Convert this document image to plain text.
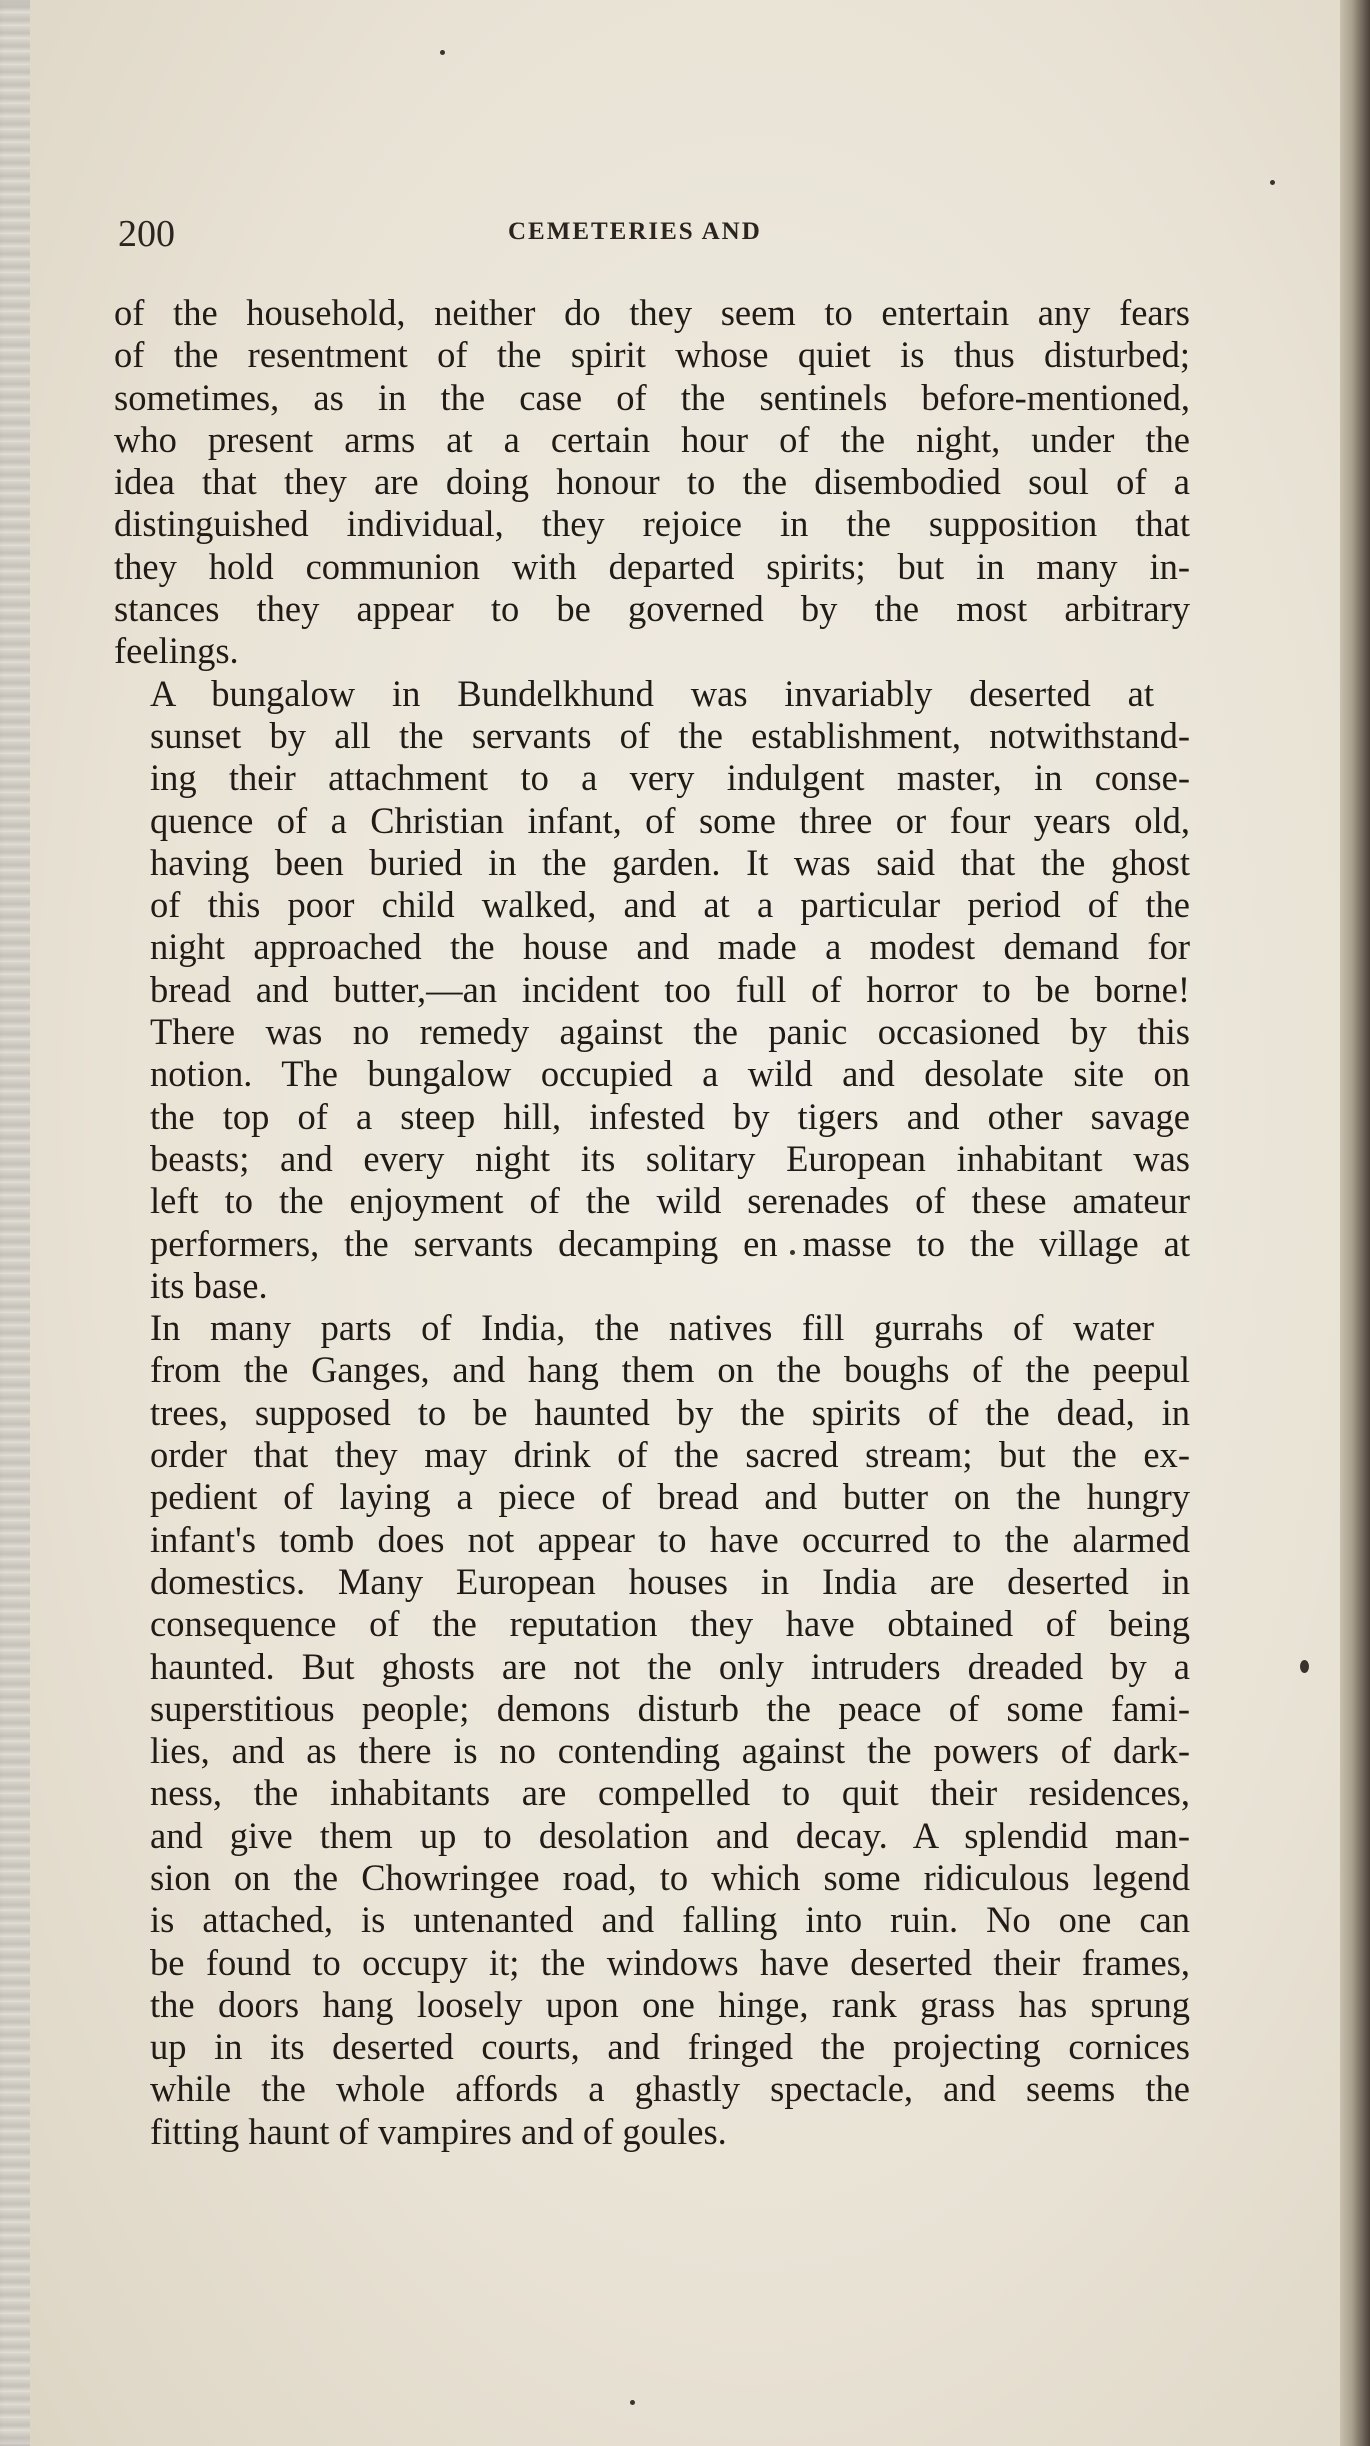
200	CEMETERIES AND

of the household, neither do they seem to entertain any fears
of the resentment of the spirit whose quiet is thus disturbed;
sometimes, as in the case of the sentinels before-mentioned,
who present arms at a certain hour of the night, under the
idea that they are doing honour to the disembodied soul of a
distinguished individual, they rejoice in the supposition that
they hold communion with departed spirits; but in many in-
stances they appear to be governed by the most arbitrary
feelings.

A bungalow in Bundelkhund was invariably deserted at
sunset by all the servants of the establishment, notwithstand-
ing their attachment to a very indulgent master, in conse-
quence of a Christian infant, of some three or four years old,
having been buried in the garden. It was said that the ghost
of this poor child walked, and at a particular period of the
night approached the house and made a modest demand for
bread and butter,—an incident too full of horror to be borne!
There was no remedy against the panic occasioned by this
notion. The bungalow occupied a wild and desolate site on
the top of a steep hill, infested by tigers and other savage
beasts; and every night its solitary European inhabitant was
left to the enjoyment of the wild serenades of these amateur
performers, the servants decamping en masse to the village at
its base.

In many parts of India, the natives fill gurrahs of water
from the Ganges, and hang them on the boughs of the peepul
trees, supposed to be haunted by the spirits of the dead, in
order that they may drink of the sacred stream; but the ex-
pedient of laying a piece of bread and butter on the hungry
infant's tomb does not appear to have occurred to the alarmed
domestics. Many European houses in India are deserted in
consequence of the reputation they have obtained of being
haunted. But ghosts are not the only intruders dreaded by a
superstitious people; demons disturb the peace of some fami-
lies, and as there is no contending against the powers of dark-
ness, the inhabitants are compelled to quit their residences,
and give them up to desolation and decay. A splendid man-
sion on the Chowringee road, to which some ridiculous legend
is attached, is untenanted and falling into ruin. No one can
be found to occupy it; the windows have deserted their frames,
the doors hang loosely upon one hinge, rank grass has sprung
up in its deserted courts, and fringed the projecting cornices
while the whole affords a ghastly spectacle, and seems the
fitting haunt of vampires and of goules.
